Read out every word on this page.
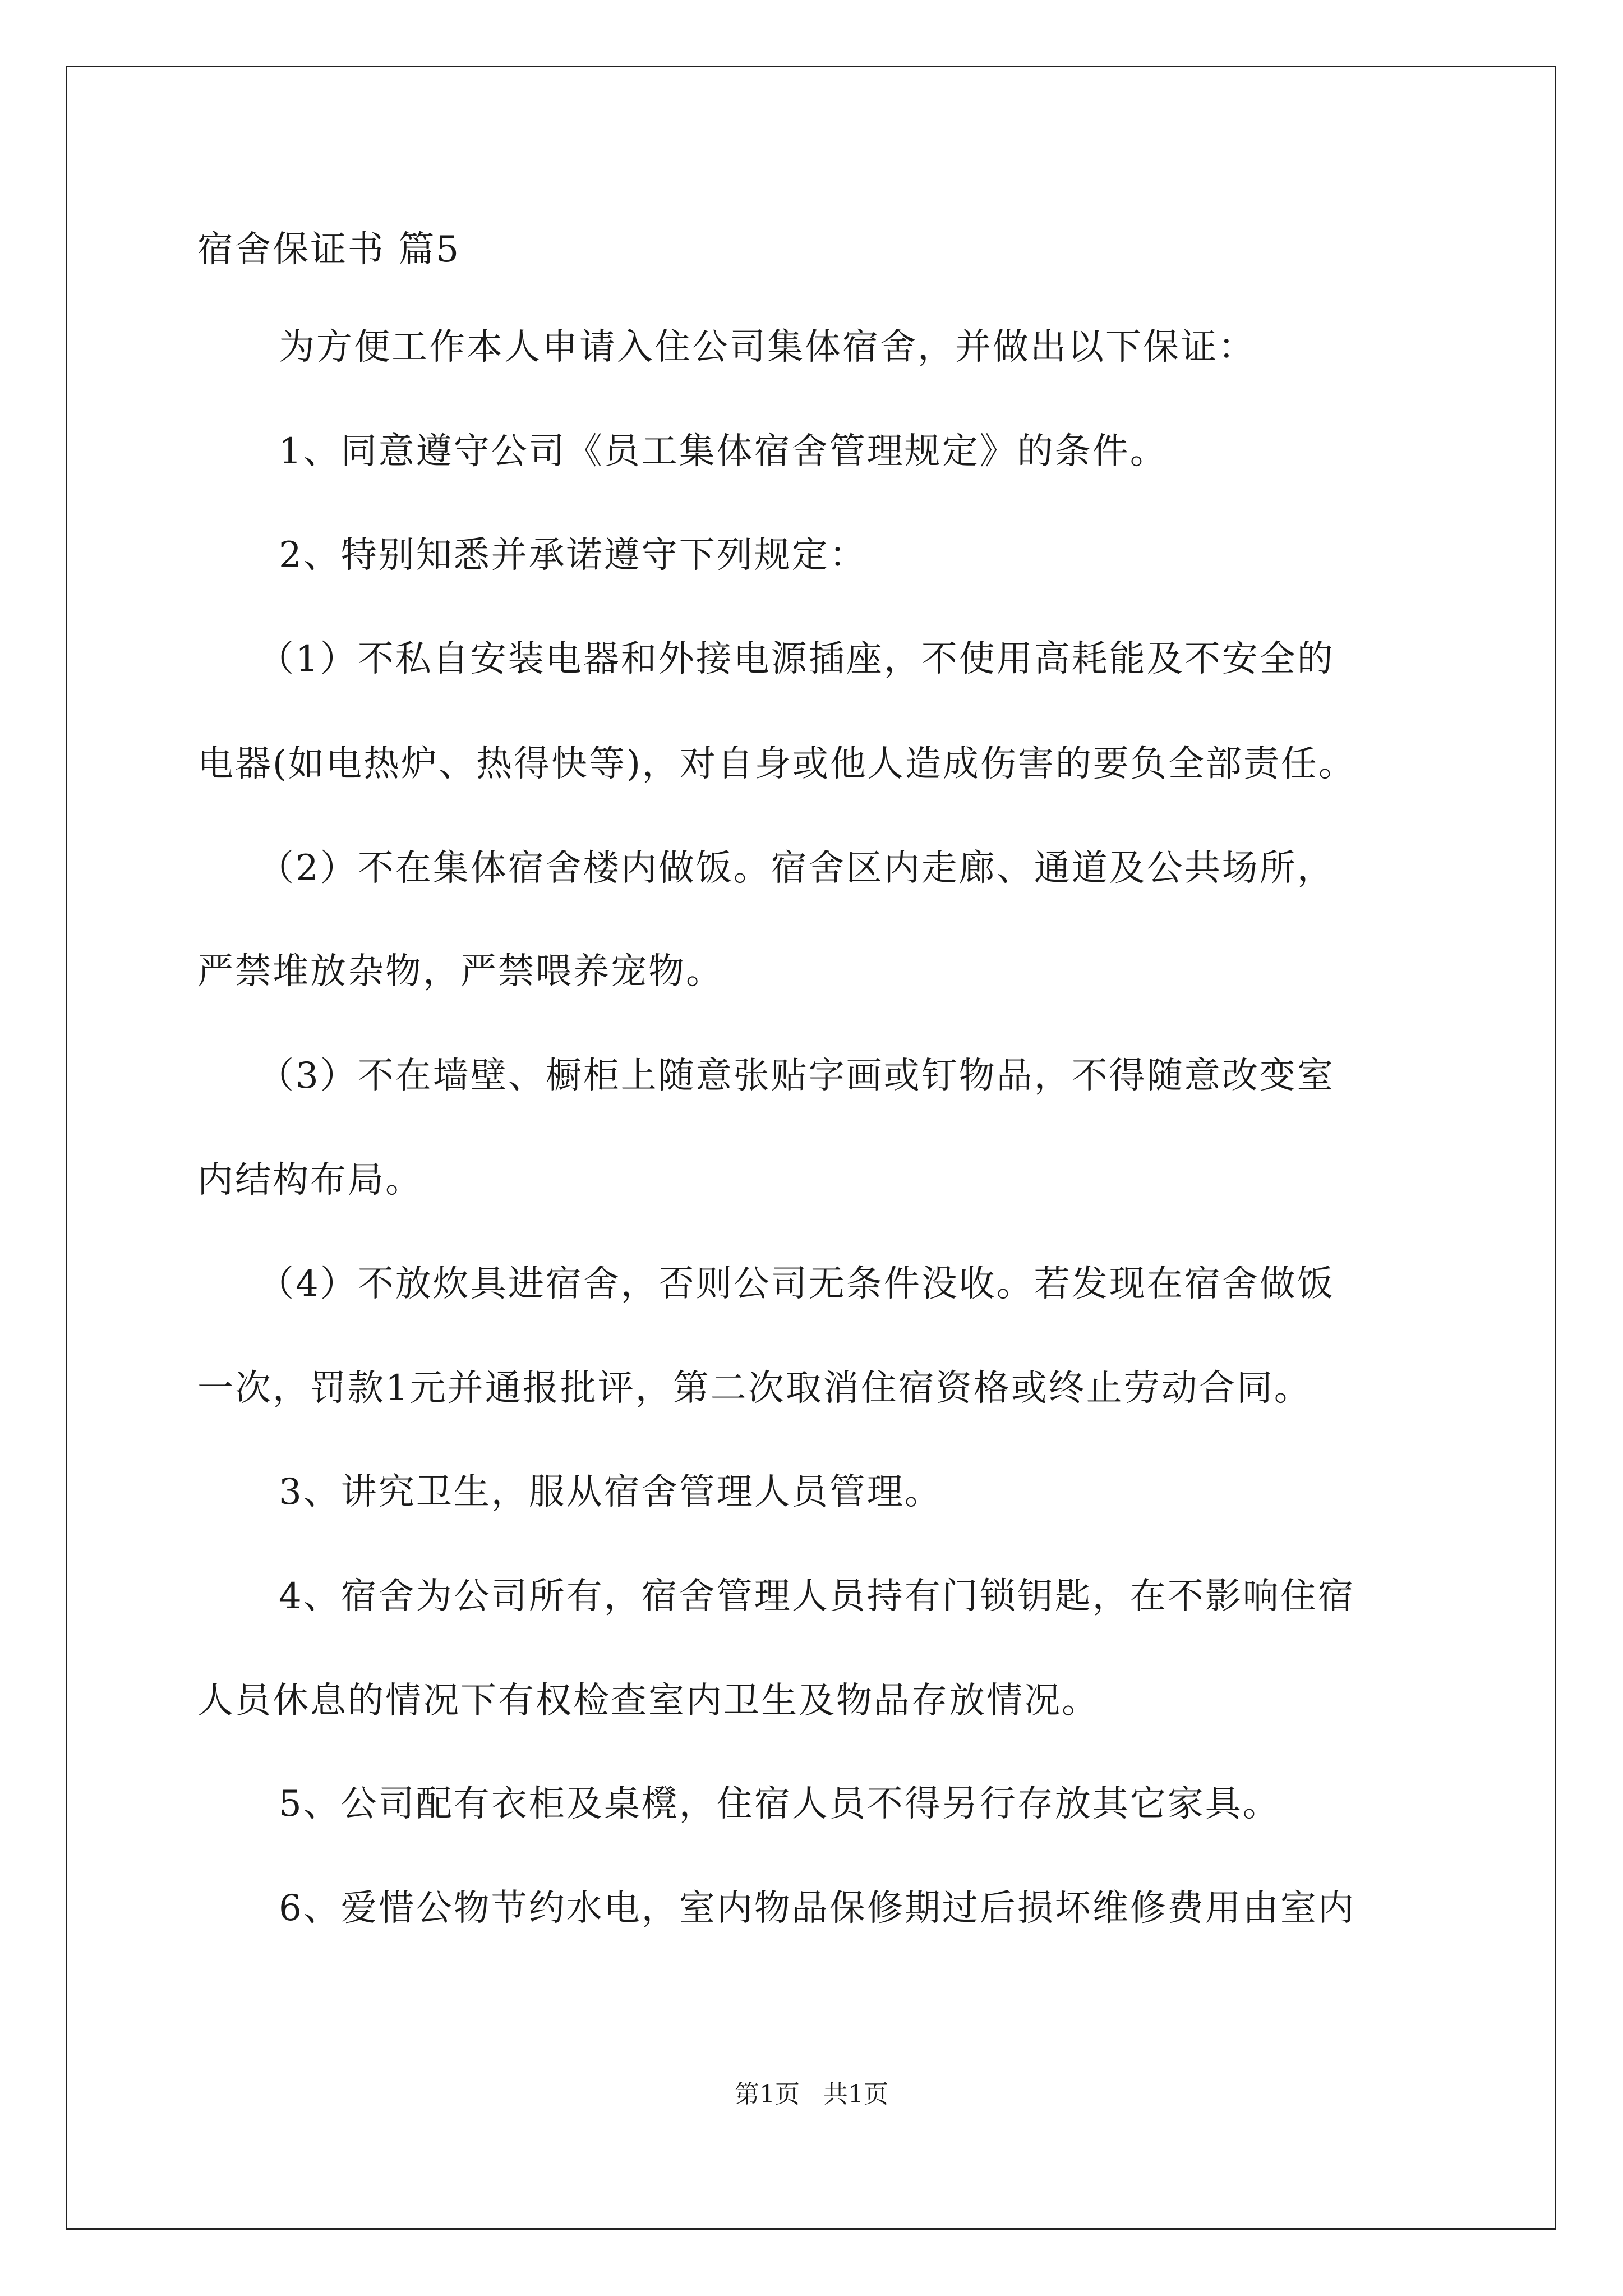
宿舍保证书 篇5
为方便工作本人申请入住公司集体宿舍，并做出以下保证：
1、同意遵守公司《员工集体宿舍管理规定》的条件。
2、特别知悉并承诺遵守下列规定：
（1）不私自安装电器和外接电源插座，不使用高耗能及不安全的
电器(如电热炉、热得快等)，对自身或他人造成伤害的要负全部责任。
（2）不在集体宿舍楼内做饭。宿舍区内走廊、通道及公共场所，
严禁堆放杂物，严禁喂养宠物。
（3）不在墙壁、橱柜上随意张贴字画或钉物品，不得随意改变室
内结构布局。
（4）不放炊具进宿舍，否则公司无条件没收。若发现在宿舍做饭
一次，罚款1元并通报批评，第二次取消住宿资格或终止劳动合同。
3、讲究卫生，服从宿舍管理人员管理。
4、宿舍为公司所有，宿舍管理人员持有门锁钥匙，在不影响住宿
人员休息的情况下有权检查室内卫生及物品存放情况。
5、公司配有衣柜及桌櫈，住宿人员不得另行存放其它家具。
6、爱惜公物节约水电，室内物品保修期过后损坏维修费用由室内
第1页   共1页
